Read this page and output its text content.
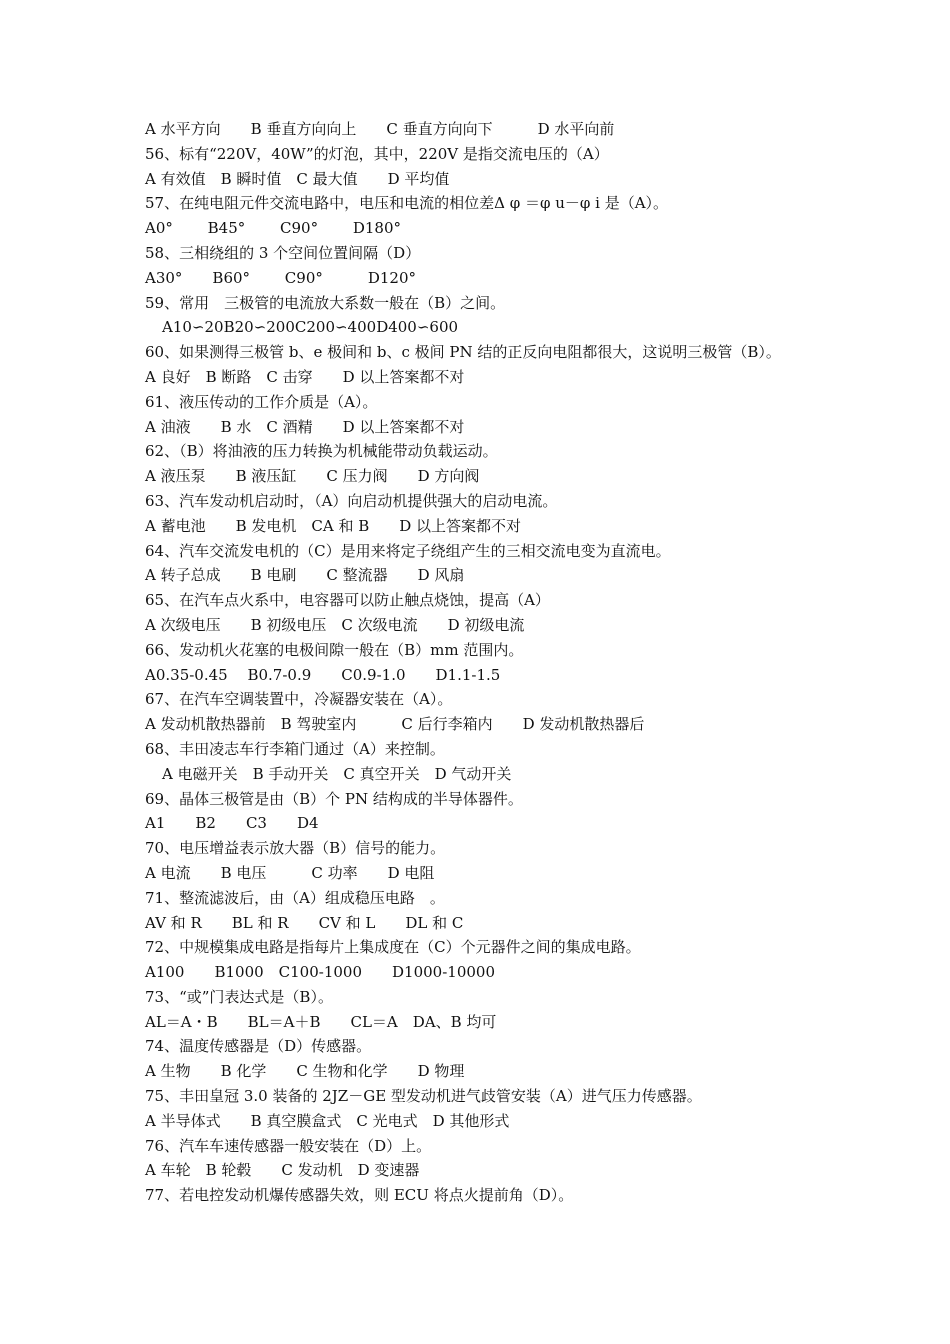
A 水平方向　　B 垂直方向向上　　C 垂直方向向下　　　D 水平向前
56、标有“220V，40W”的灯泡，其中，220V 是指交流电压的（A）
A 有效值　B 瞬时值　C 最大值　　D 平均值
57、在纯电阻元件交流电路中，电压和电流的相位差Δ φ ＝φ u－φ i 是（A）。
A0°　　 B45°　　 C90°　　 D180°
58、三相绕组的 3 个空间位置间隔（D）
A30°　　B60°　　 C90°　　　D120°
59、常用　三极管的电流放大系数一般在（B）之间。
A10∽20B20∽200C200∽400D400∽600
60、如果测得三极管 b、e 极间和 b、c 极间 PN 结的正反向电阻都很大，这说明三极管（B）。
A 良好　B 断路　C 击穿　　D 以上答案都不对
61、液压传动的工作介质是（A）。
A 油液　　B 水　C 酒精　　D 以上答案都不对
62、（B）将油液的压力转换为机械能带动负载运动。
A 液压泵　　B 液压缸　　C 压力阀　　D 方向阀
63、汽车发动机启动时，（A）向启动机提供强大的启动电流。
A 蓄电池　　B 发电机　CA 和 B　　D 以上答案都不对
64、汽车交流发电机的（C）是用来将定子绕组产生的三相交流电变为直流电。
A 转子总成　　B 电刷　　C 整流器　　D 风扇
65、在汽车点火系中，电容器可以防止触点烧蚀，提高（A）
A 次级电压　　B 初级电压　C 次级电流　　D 初级电流
66、发动机火花塞的电极间隙一般在（B）mm 范围内。
A0.35-0.45　 B0.7-0.9　　C0.9-1.0　　D1.1-1.5
67、在汽车空调装置中，冷凝器安装在（A）。
A 发动机散热器前　B 驾驶室内　　　C 后行李箱内　　D 发动机散热器后
68、丰田凌志车行李箱门通过（A）来控制。
A 电磁开关　B 手动开关　C 真空开关　D 气动开关
69、晶体三极管是由（B）个 PN 结构成的半导体器件。
A1　　B2　　C3　　D4
70、电压增益表示放大器（B）信号的能力。
A 电流　　B 电压　　　C 功率　　D 电阻
71、整流滤波后，由（A）组成稳压电路　。
AV 和 R　　BL 和 R　　CV 和 L　　DL 和 C
72、中规模集成电路是指每片上集成度在（C）个元器件之间的集成电路。
A100　　B1000　C100-1000　　D1000-10000
73、“或”门表达式是（B）。
AL＝A・B　　BL＝A＋B　　CL＝A　DA、B 均可
74、温度传感器是（D）传感器。
A 生物　　B 化学　　C 生物和化学　　D 物理
75、丰田皇冠 3.0 装备的 2JZ－GE 型发动机进气歧管安装（A）进气压力传感器。
A 半导体式　　B 真空膜盒式　C 光电式　D 其他形式
76、汽车车速传感器一般安装在（D）上。
A 车轮　B 轮毂　　C 发动机　D 变速器
77、若电控发动机爆传感器失效，则 ECU 将点火提前角（D）。
